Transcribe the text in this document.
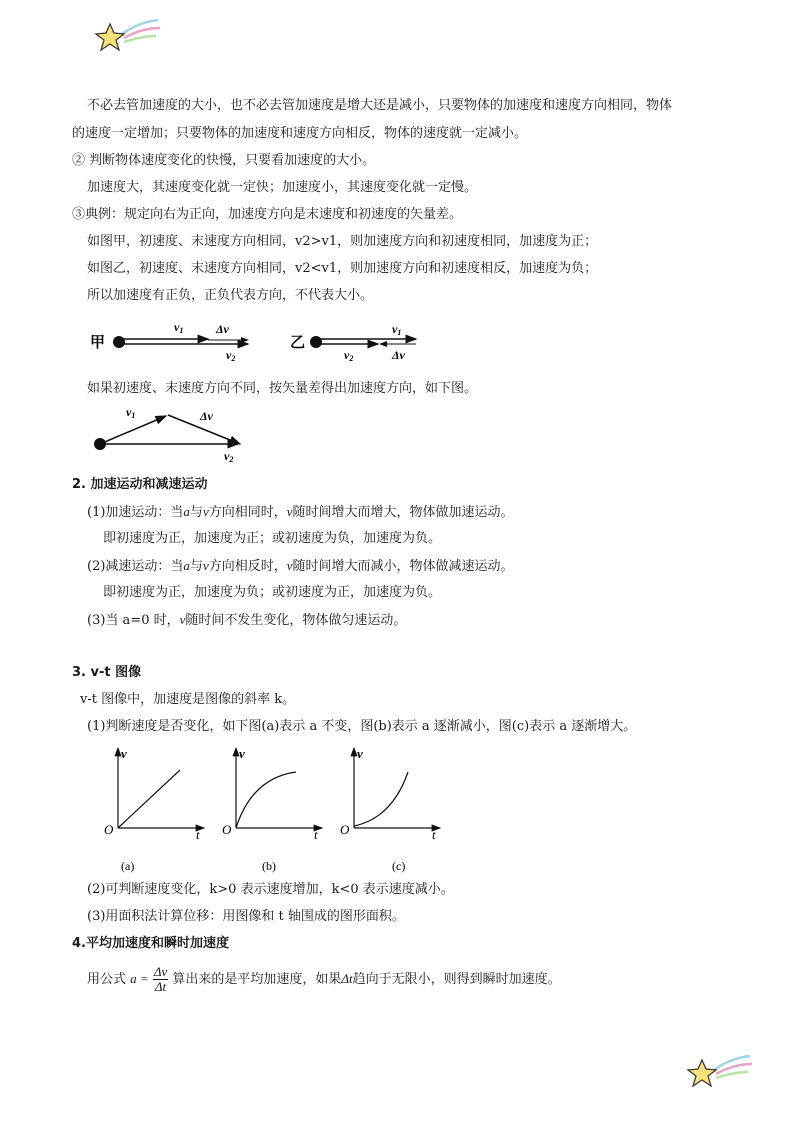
不必去管加速度的大小，也不必去管加速度是增大还是减小，只要物体的加速度和速度方向相同，物体
的速度一定增加；只要物体的加速度和速度方向相反，物体的速度就一定减小。
② 判断物体速度变化的快慢，只要看加速度的大小。
加速度大，其速度变化就一定快；加速度小，其速度变化就一定慢。
③典例：规定向右为正向，加速度方向是末速度和初速度的矢量差。
如图甲，初速度、末速度方向相同，v2>v1，则加速度方向和初速度相同，加速度为正；
如图乙，初速度、末速度方向相同，v2<v1，则加速度方向和初速度相反，加速度为负；
所以加速度有正负，正负代表方向，不代表大小。
甲
v1	Δv
v2
乙
v1
v2	Δv
如果初速度、末速度方向不同，按矢量差得出加速度方向，如下图。
v1	Δv
v2
2. 加速运动和减速运动
(1)加速运动：当a与v方向相同时，v随时间增大而增大，物体做加速运动。
即初速度为正，加速度为正；或初速度为负，加速度为负。
(2)减速运动：当a与v方向相反时，v随时间增大而减小，物体做减速运动。
即初速度为正，加速度为负；或初速度为正，加速度为负。
(3)当 a=0 时，v随时间不发生变化，物体做匀速运动。
3. v-t 图像
v-t 图像中，加速度是图像的斜率 k。
(1)判断速度是否变化，如下图(a)表示 a 不变，图(b)表示 a 逐渐减小，图(c)表示 a 逐渐增大。
v
O	t
(a)
v
O	t
(b)
v
O	t
(c)
(2)可判断速度变化，k>0 表示速度增加，k<0 表示速度减小。
(3)用面积法计算位移：用图像和 t 轴围成的图形面积。
4.平均加速度和瞬时加速度
用公式 $a = \frac{\Delta v}{\Delta t}$ 算出来的是平均加速度，如果Δt趋向于无限小，则得到瞬时加速度。
